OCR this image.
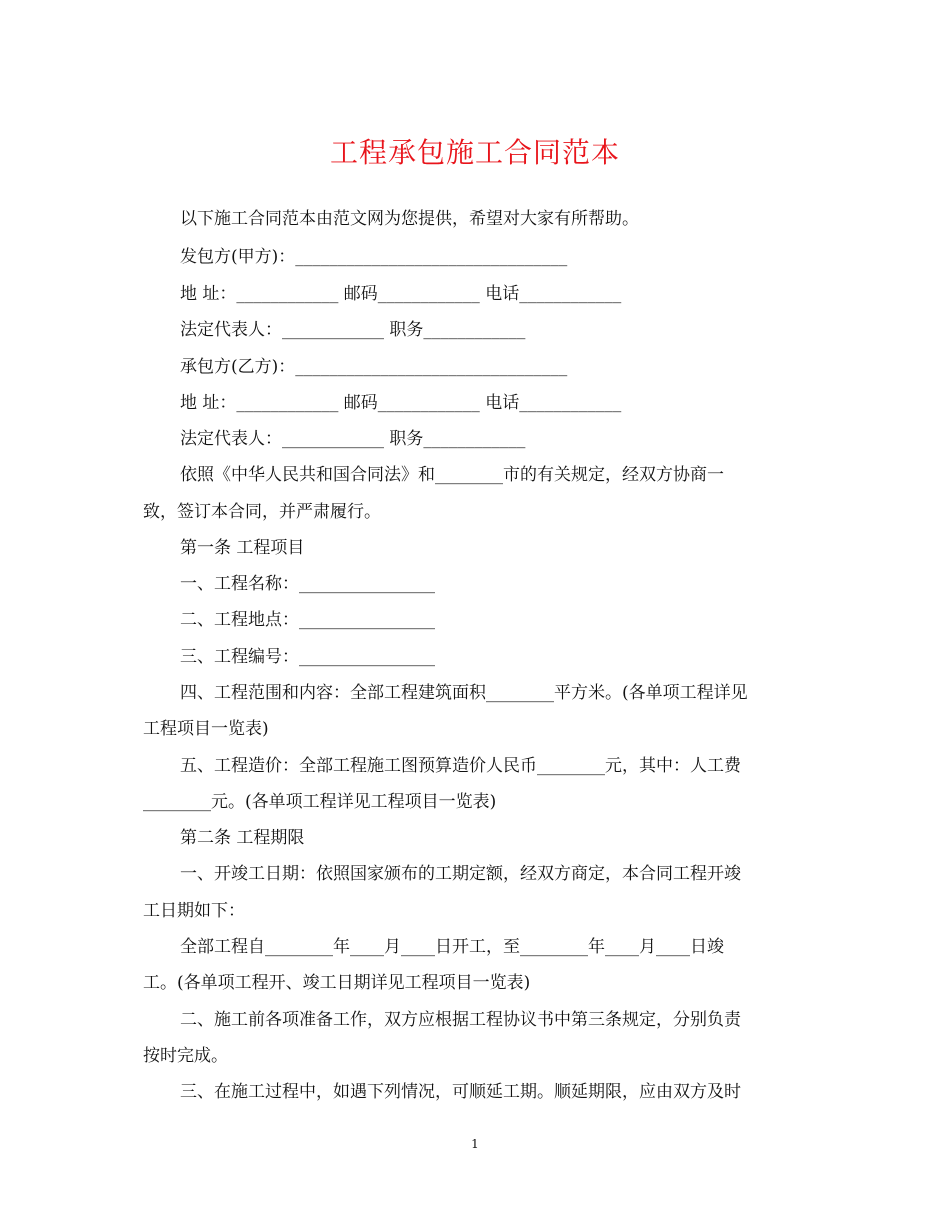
工程承包施工合同范本
以下施工合同范本由范文网为您提供，希望对大家有所帮助。
发包方(甲方)：________________________________
地 址：____________ 邮码____________ 电话____________
法定代表人：____________ 职务____________
承包方(乙方)：________________________________
地 址：____________ 邮码____________ 电话____________
法定代表人：____________ 职务____________
依照《中华人民共和国合同法》和________市的有关规定，经双方协商一
致，签订本合同，并严肃履行。
第一条 工程项目
一、工程名称：________________
二、工程地点：________________
三、工程编号：________________
四、工程范围和内容：全部工程建筑面积________平方米。(各单项工程详见
工程项目一览表)
五、工程造价：全部工程施工图预算造价人民币________元，其中：人工费
________元。(各单项工程详见工程项目一览表)
第二条 工程期限
一、开竣工日期：依照国家颁布的工期定额，经双方商定，本合同工程开竣
工日期如下：
全部工程自________年____月____日开工，至________年____月____日竣
工。(各单项工程开、竣工日期详见工程项目一览表)
二、施工前各项准备工作，双方应根据工程协议书中第三条规定，分别负责
按时完成。
三、在施工过程中，如遇下列情况，可顺延工期。顺延期限，应由双方及时
1
